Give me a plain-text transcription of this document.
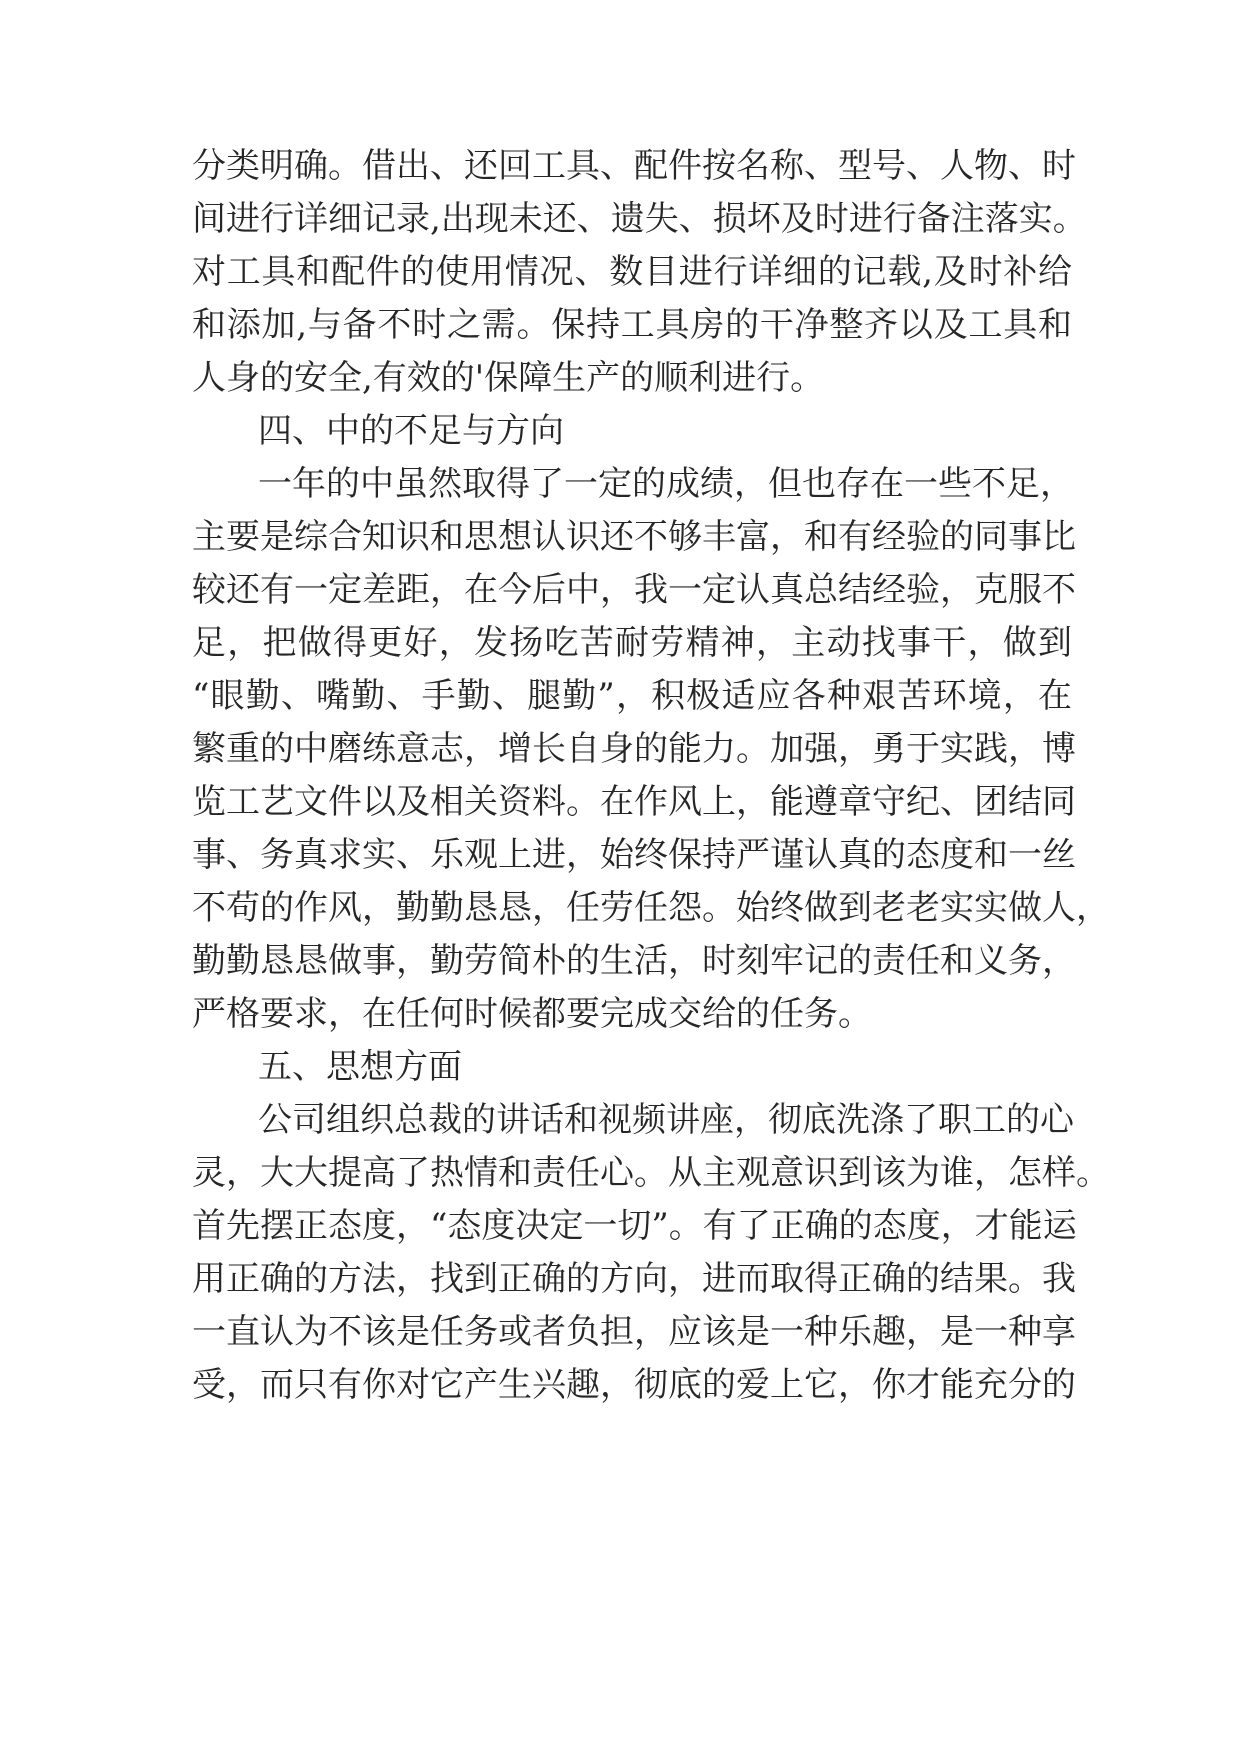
分类明确。借出、还回工具、配件按名称、型号、人物、时
间进行详细记录,出现未还、遗失、损坏及时进行备注落实。
对工具和配件的使用情况、数目进行详细的记载,及时补给
和添加,与备不时之需。保持工具房的干净整齐以及工具和
人身的安全,有效的'保障生产的顺利进行。
四、中的不足与方向
一年的中虽然取得了一定的成绩，但也存在一些不足，
主要是综合知识和思想认识还不够丰富，和有经验的同事比
较还有一定差距，在今后中，我一定认真总结经验，克服不
足，把做得更好，发扬吃苦耐劳精神，主动找事干，做到
“眼勤、嘴勤、手勤、腿勤”，积极适应各种艰苦环境，在
繁重的中磨练意志，增长自身的能力。加强，勇于实践，博
览工艺文件以及相关资料。在作风上，能遵章守纪、团结同
事、务真求实、乐观上进，始终保持严谨认真的态度和一丝
不苟的作风，勤勤恳恳，任劳任怨。始终做到老老实实做人，
勤勤恳恳做事，勤劳简朴的生活，时刻牢记的责任和义务，
严格要求，在任何时候都要完成交给的任务。
五、思想方面
公司组织总裁的讲话和视频讲座，彻底洗涤了职工的心
灵，大大提高了热情和责任心。从主观意识到该为谁，怎样。
首先摆正态度，“态度决定一切”。有了正确的态度，才能运
用正确的方法，找到正确的方向，进而取得正确的结果。我
一直认为不该是任务或者负担，应该是一种乐趣，是一种享
受，而只有你对它产生兴趣，彻底的爱上它，你才能充分的
